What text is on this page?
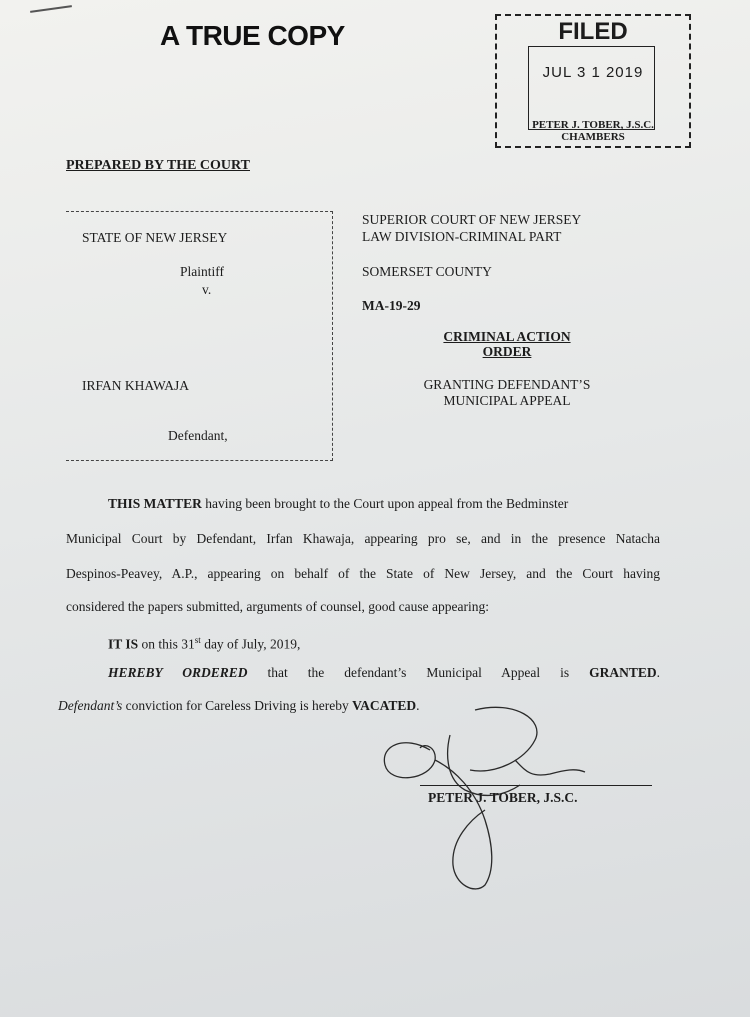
A TRUE COPY	FILED
JUL 3 1 2019
PETER J. TOBER, J.S.C.
CHAMBERS
PREPARED BY THE COURT
STATE OF NEW JERSEY
Plaintiff
v.
IRFAN KHAWAJA
Defendant,
SUPERIOR COURT OF NEW JERSEY
LAW DIVISION-CRIMINAL PART
SOMERSET COUNTY
MA-19-29
CRIMINAL ACTION
ORDER
GRANTING DEFENDANT’S
MUNICIPAL APPEAL
THIS MATTER having been brought to the Court upon appeal from the Bedminster
Municipal Court by Defendant, Irfan Khawaja, appearing pro se, and in the presence Natacha
Despinos-Peavey, A.P., appearing on behalf of the State of New Jersey, and the Court having
considered the papers submitted, arguments of counsel, good cause appearing:
IT IS on this 31st day of July, 2019,
HEREBY ORDERED that the defendant’s Municipal Appeal is GRANTED.
Defendant’s conviction for Careless Driving is hereby VACATED.
PETER J. TOBER, J.S.C.
